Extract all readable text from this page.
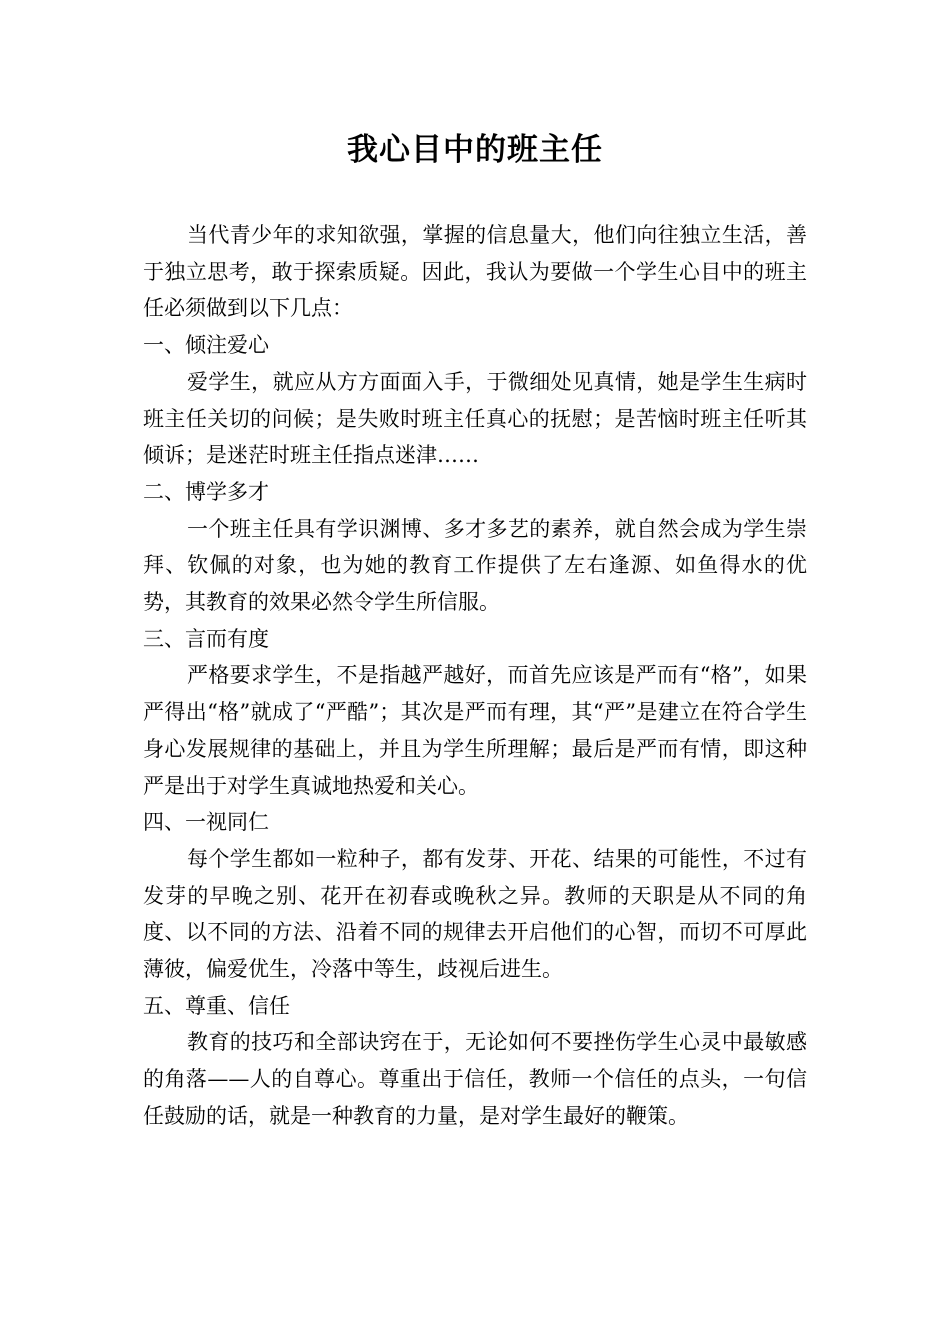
我心目中的班主任

当代青少年的求知欲强，掌握的信息量大，他们向往独立生活，善于独立思考，敢于探索质疑。因此，我认为要做一个学生心目中的班主任必须做到以下几点：

一、倾注爱心

爱学生，就应从方方面面入手，于微细处见真情，她是学生生病时班主任关切的问候；是失败时班主任真心的抚慰；是苦恼时班主任听其倾诉；是迷茫时班主任指点迷津……

二、博学多才

一个班主任具有学识渊博、多才多艺的素养，就自然会成为学生崇拜、钦佩的对象，也为她的教育工作提供了左右逢源、如鱼得水的优势，其教育的效果必然令学生所信服。

三、言而有度

严格要求学生，不是指越严越好，而首先应该是严而有“格”，如果严得出“格”就成了“严酷”；其次是严而有理，其“严”是建立在符合学生身心发展规律的基础上，并且为学生所理解；最后是严而有情，即这种严是出于对学生真诚地热爱和关心。

四、一视同仁

每个学生都如一粒种子，都有发芽、开花、结果的可能性，不过有发芽的早晚之别、花开在初春或晚秋之异。教师的天职是从不同的角度、以不同的方法、沿着不同的规律去开启他们的心智，而切不可厚此薄彼，偏爱优生，冷落中等生，歧视后进生。

五、尊重、信任

教育的技巧和全部诀窍在于，无论如何不要挫伤学生心灵中最敏感的角落——人的自尊心。尊重出于信任，教师一个信任的点头，一句信任鼓励的话，就是一种教育的力量，是对学生最好的鞭策。
